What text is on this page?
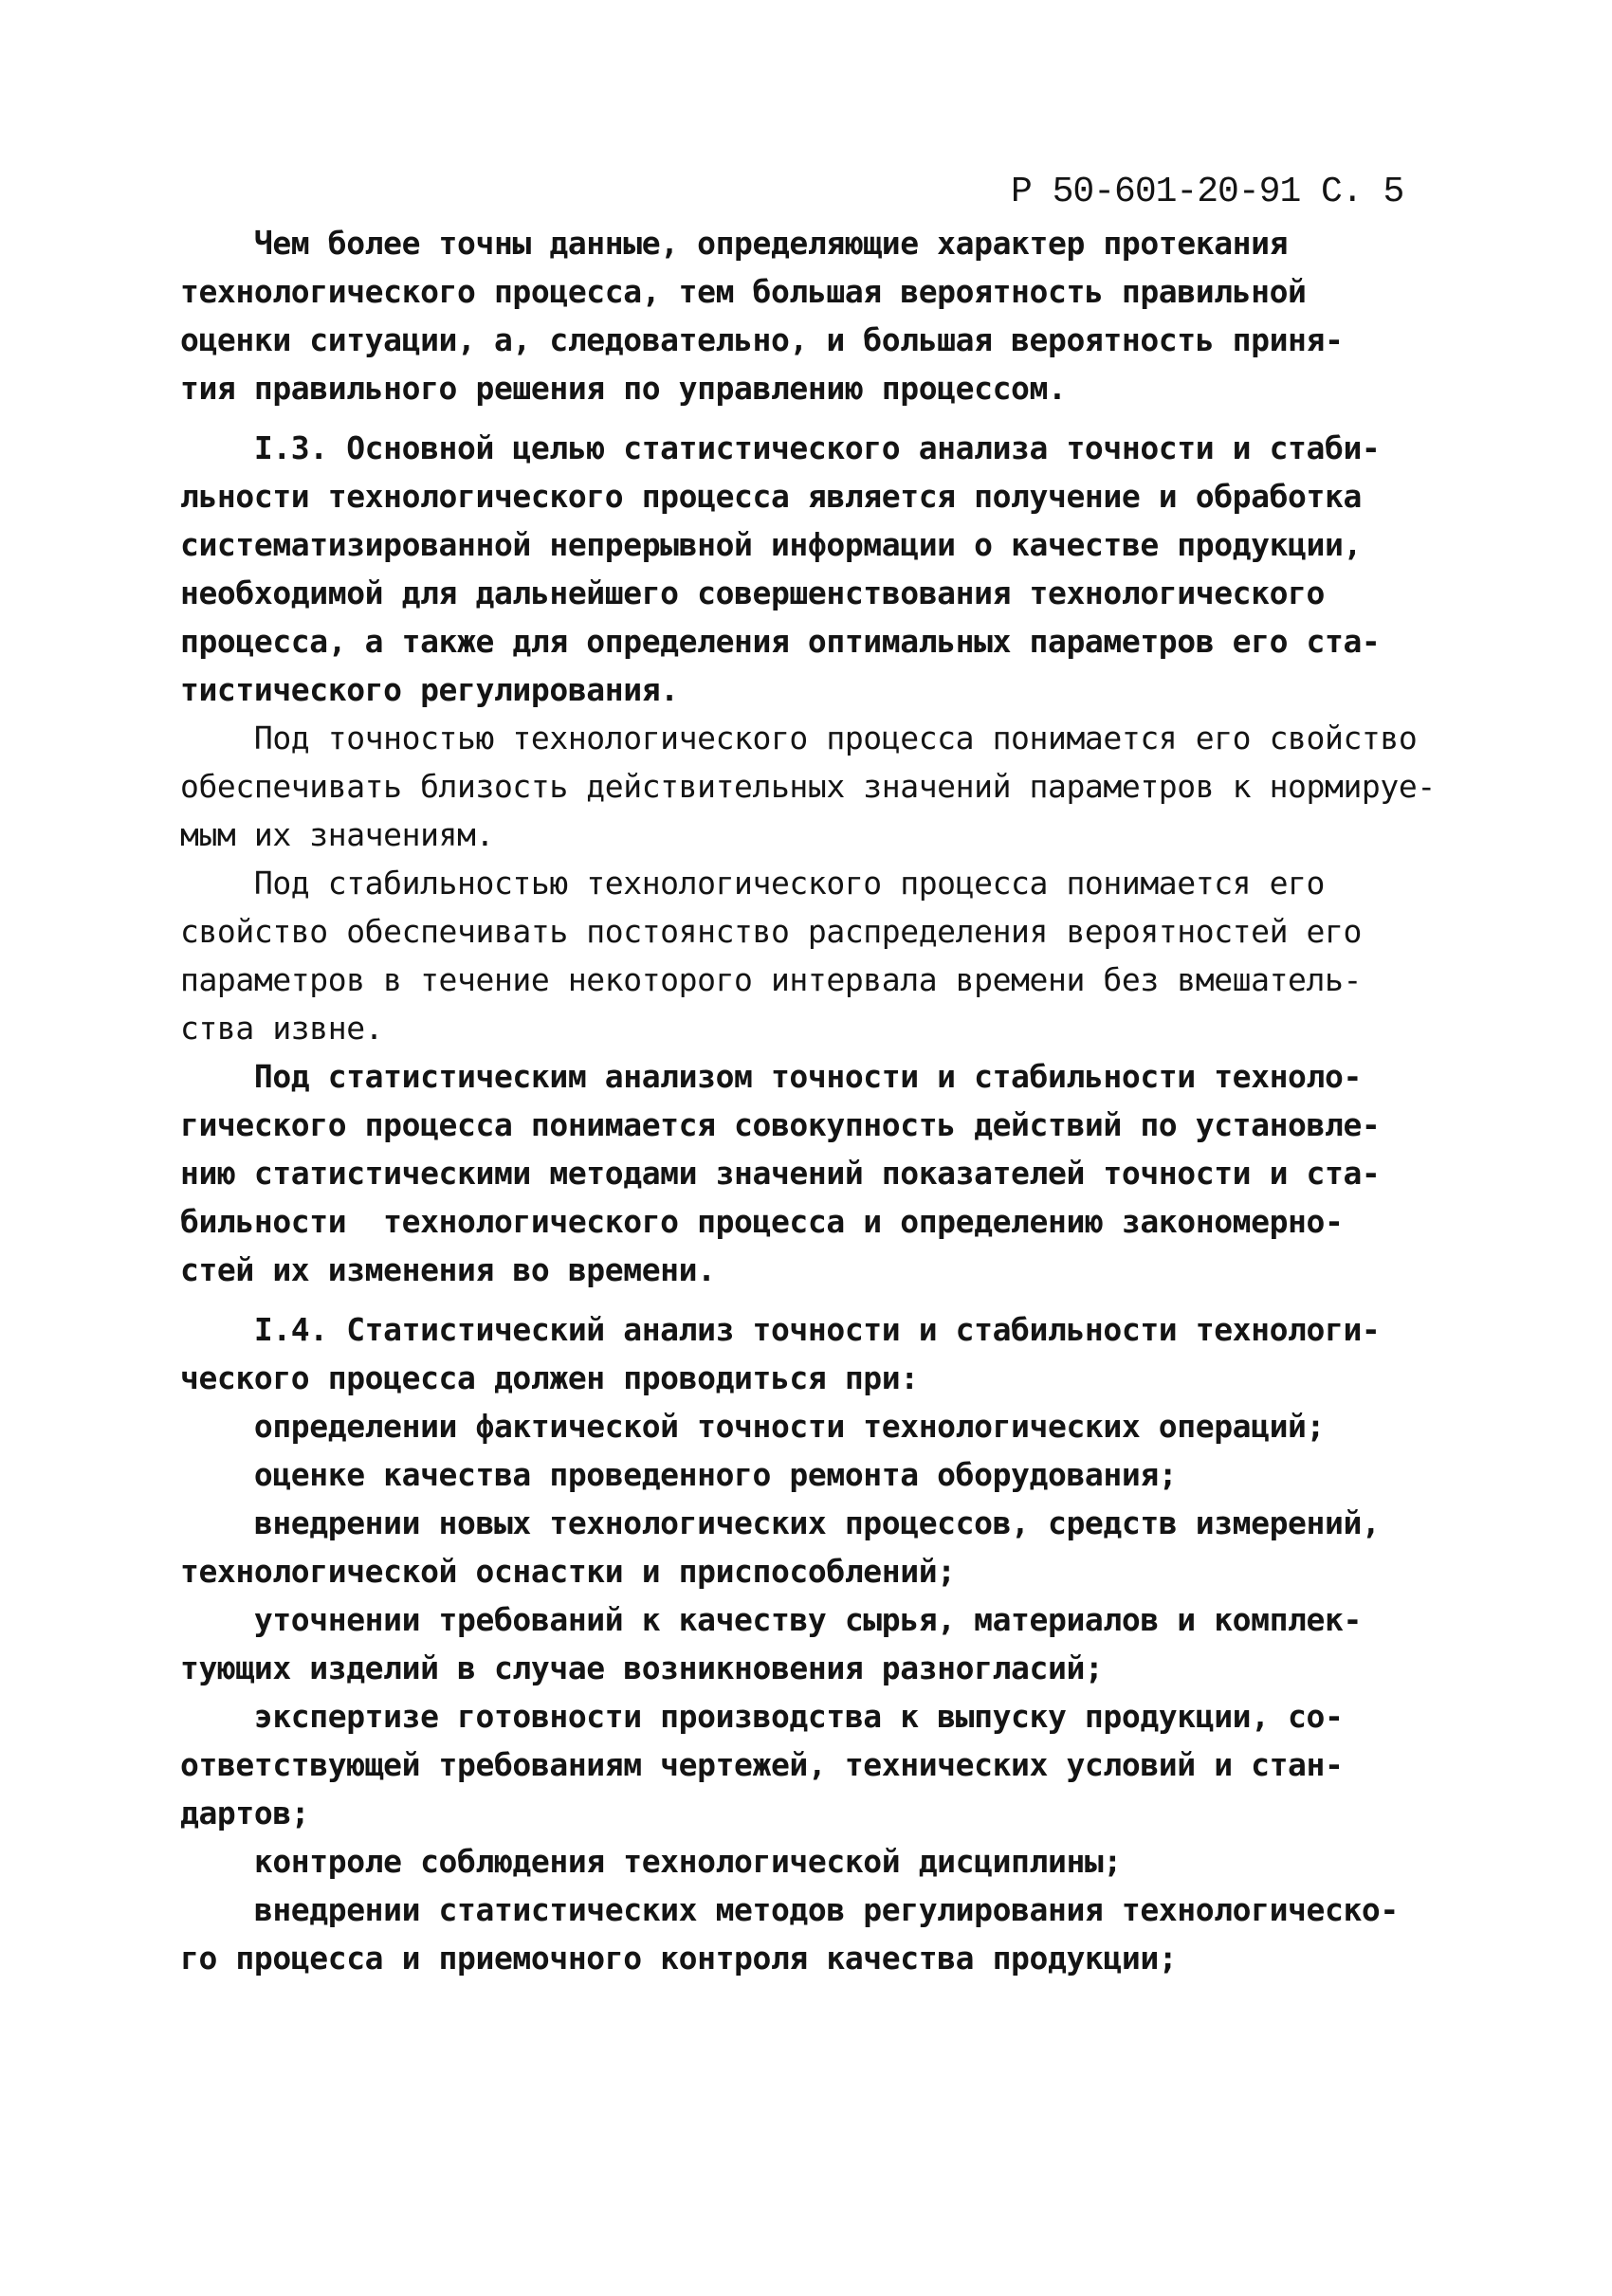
Р 50-601-20-91 С. 5
Чем более точны данные, определяющие характер протекания
технологического процесса, тем большая вероятность правильной
оценки ситуации, а, следовательно, и большая вероятность приня-
тия правильного решения по управлению процессом.
I.3. Основной целью статистического анализа точности и стаби-
льности технологического процесса является получение и обработка
систематизированной непрерывной информации о качестве продукции,
необходимой для дальнейшего совершенствования технологического
процесса, а также для определения оптимальных параметров его ста-
тистического регулирования.
Под точностью технологического процесса понимается его свойство
обеспечивать близость действительных значений параметров к нормируе-
мым их значениям.
Под стабильностью технологического процесса понимается его
свойство обеспечивать постоянство распределения вероятностей его
параметров в течение некоторого интервала времени без вмешатель-
ства извне.
Под статистическим анализом точности и стабильности техноло-
гического процесса понимается совокупность действий по установле-
нию статистическими методами значений показателей точности и ста-
бильности  технологического процесса и определению закономерно-
стей их изменения во времени.
I.4. Статистический анализ точности и стабильности технологи-
ческого процесса должен проводиться при:
определении фактической точности технологических операций;
оценке качества проведенного ремонта оборудования;
внедрении новых технологических процессов, средств измерений,
технологической оснастки и приспособлений;
уточнении требований к качеству сырья, материалов и комплек-
тующих изделий в случае возникновения разногласий;
экспертизе готовности производства к выпуску продукции, со-
ответствующей требованиям чертежей, технических условий и стан-
дартов;
контроле соблюдения технологической дисциплины;
внедрении статистических методов регулирования технологическо-
го процесса и приемочного контроля качества продукции;
